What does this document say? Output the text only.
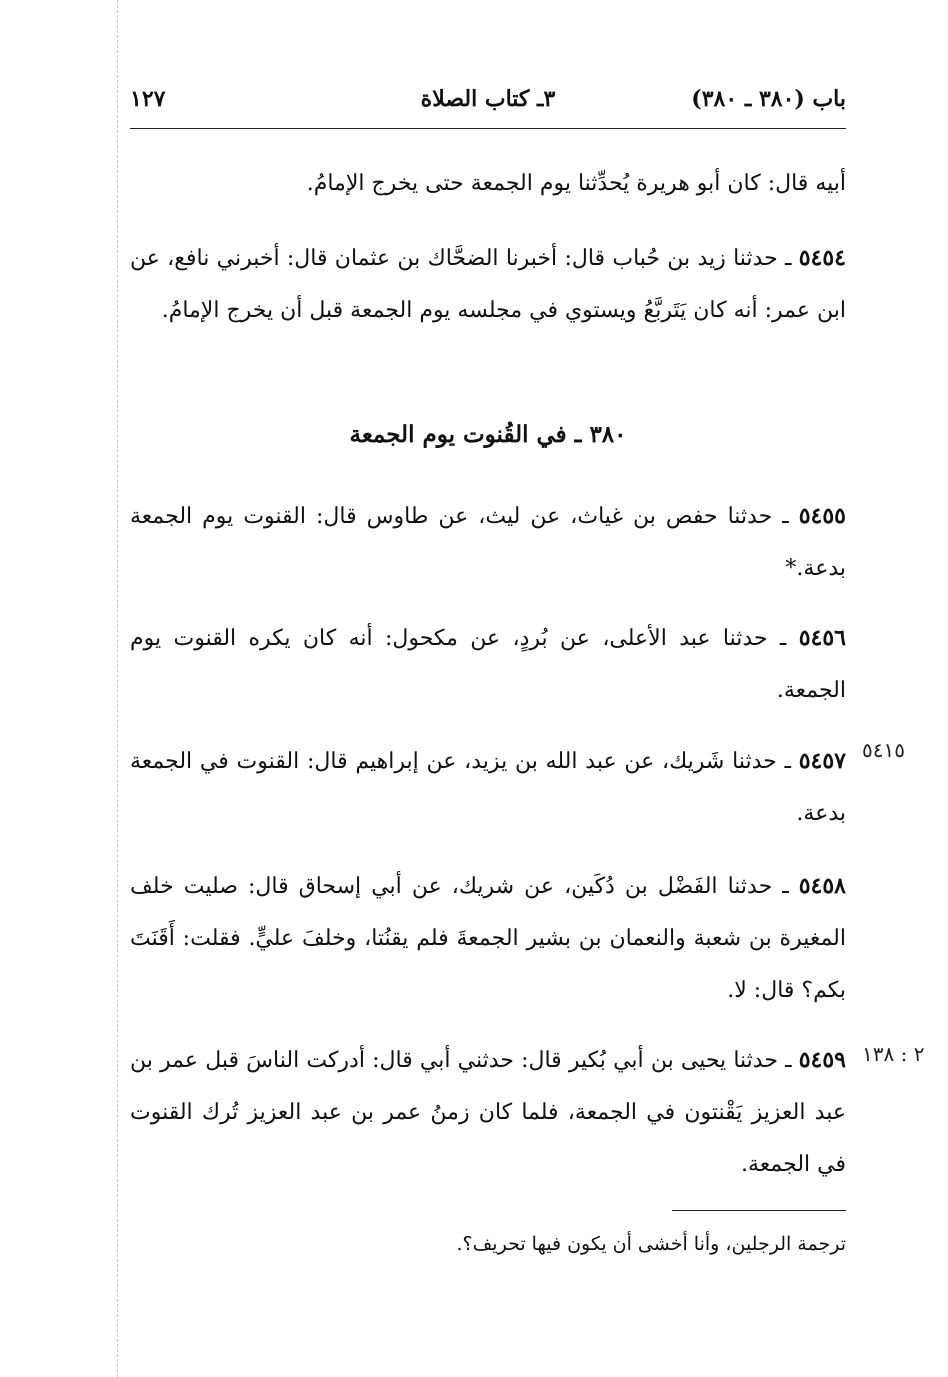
باب (٣٨٠ ـ ٣٨٠)
٣ـ كتاب الصلاة
١٢٧
أبيه قال: كان أبو هريرة يُحدِّثنا يوم الجمعة حتى يخرج الإمامُ.
٥٤٥٤ ـ حدثنا زيد بن حُباب قال: أخبرنا الضحَّاك بن عثمان قال: أخبرني نافع، عن ابن عمر: أنه كان يَتَربَّعُ ويستوي في مجلسه يوم الجمعة قبل أن يخرج الإمامُ.
٣٨٠ ـ في القُنوت يوم الجمعة
٥٤٥٥ ـ حدثنا حفص بن غياث، عن ليث، عن طاوس قال: القنوت يوم الجمعة بدعة.*
٥٤٥٦ ـ حدثنا عبد الأعلى، عن بُردٍ، عن مكحول: أنه كان يكره القنوت يوم الجمعة.
٥٤١٥
٥٤٥٧ ـ حدثنا شَريك، عن عبد الله بن يزيد، عن إبراهيم قال: القنوت في الجمعة بدعة.
٥٤٥٨ ـ حدثنا الفَضْل بن دُكَين، عن شريك، عن أبي إسحاق قال: صليت خلف المغيرة بن شعبة والنعمان بن بشير الجمعةَ فلم يقنُتا، وخلفَ عليٍّ. فقلت: أَقَنَتَ بكم؟ قال: لا.
٢ : ١٣٨
٥٤٥٩ ـ حدثنا يحيى بن أبي بُكير قال: حدثني أبي قال: أدركت الناسَ قبل عمر بن عبد العزيز يَقْنتون في الجمعة، فلما كان زمنُ عمر بن عبد العزيز تُرك القنوت في الجمعة.
ترجمة الرجلين، وأنا أخشى أن يكون فيها تحريف؟.
